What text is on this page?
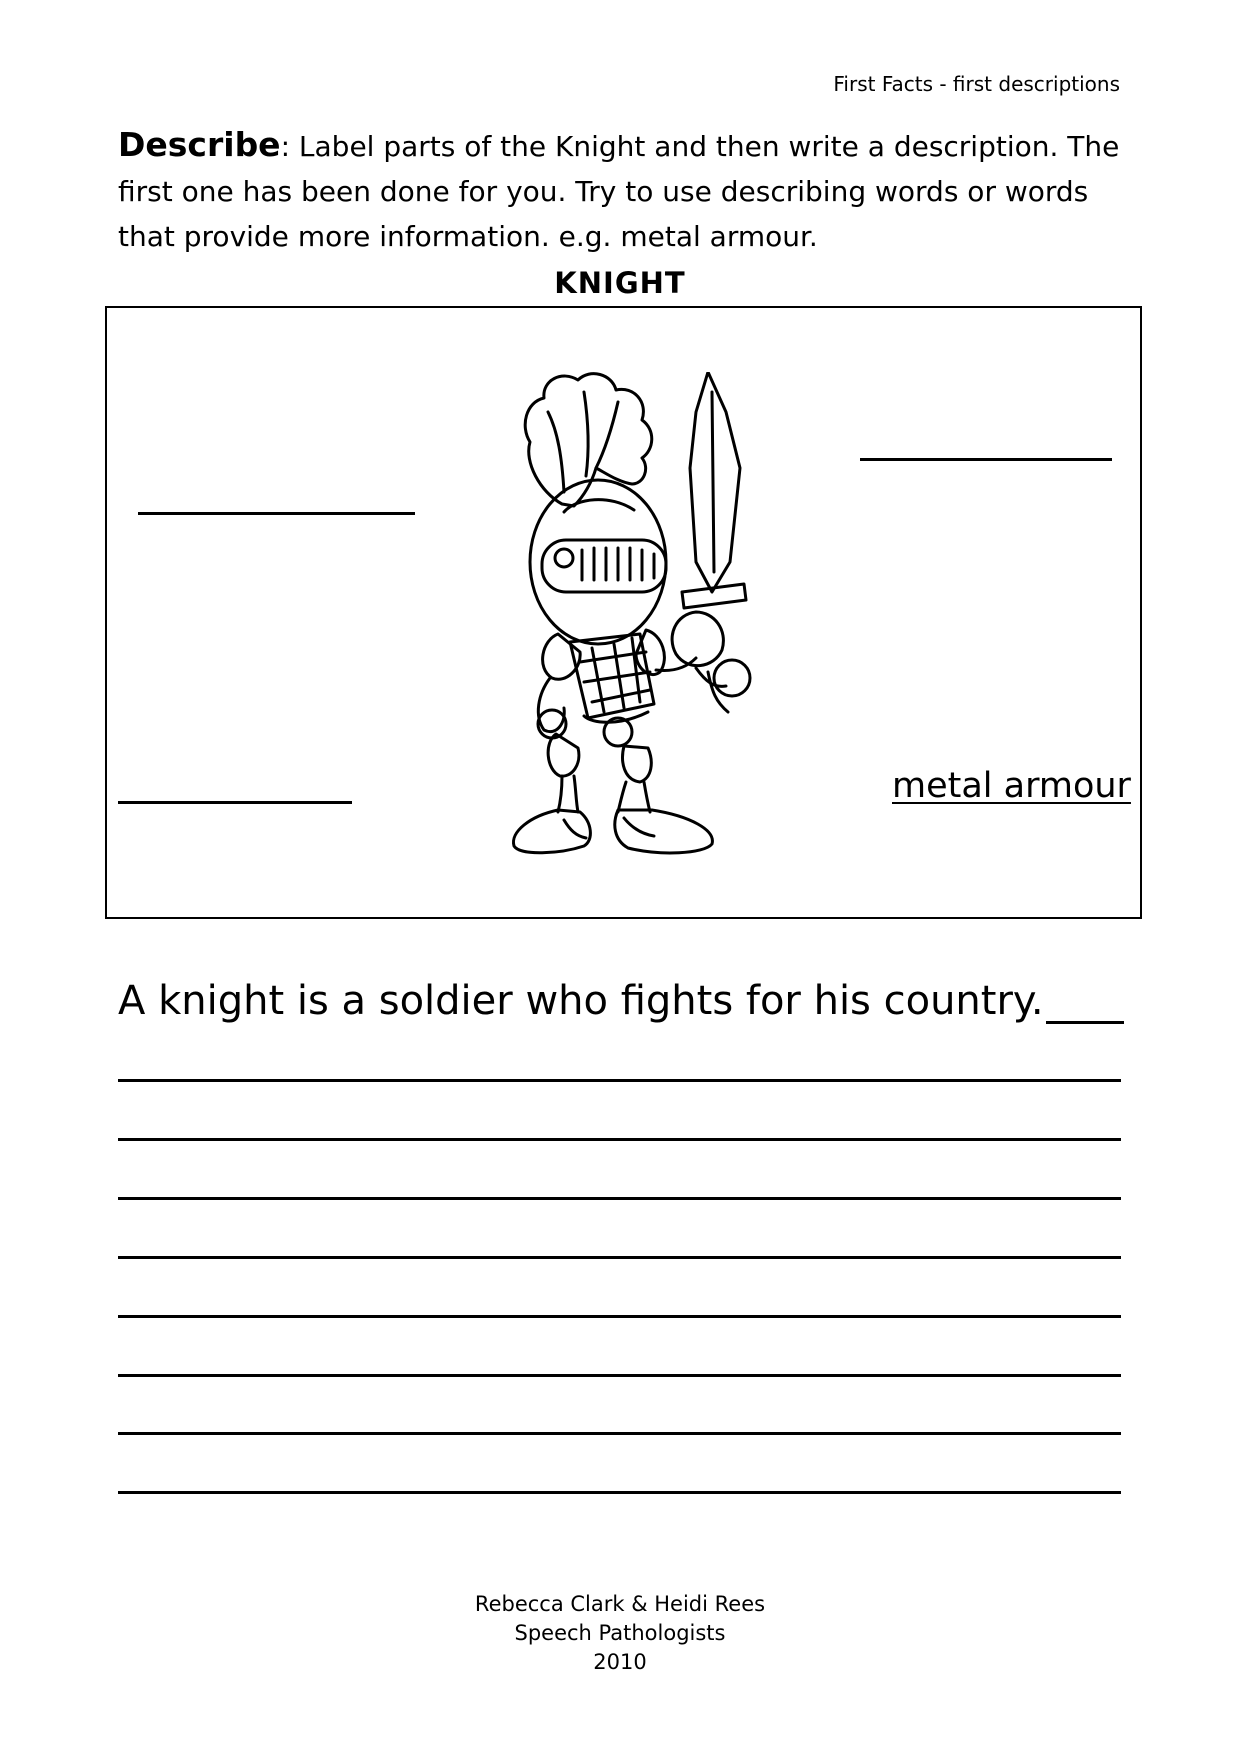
First Facts - first descriptions
Describe: Label parts of the Knight and then write a description. The first one has been done for you. Try to use describing words or words that provide more information. e.g. metal armour.
KNIGHT
metal armour
A knight is a soldier who fights for his country.
Rebecca Clark & Heidi Rees
Speech Pathologists
2010
